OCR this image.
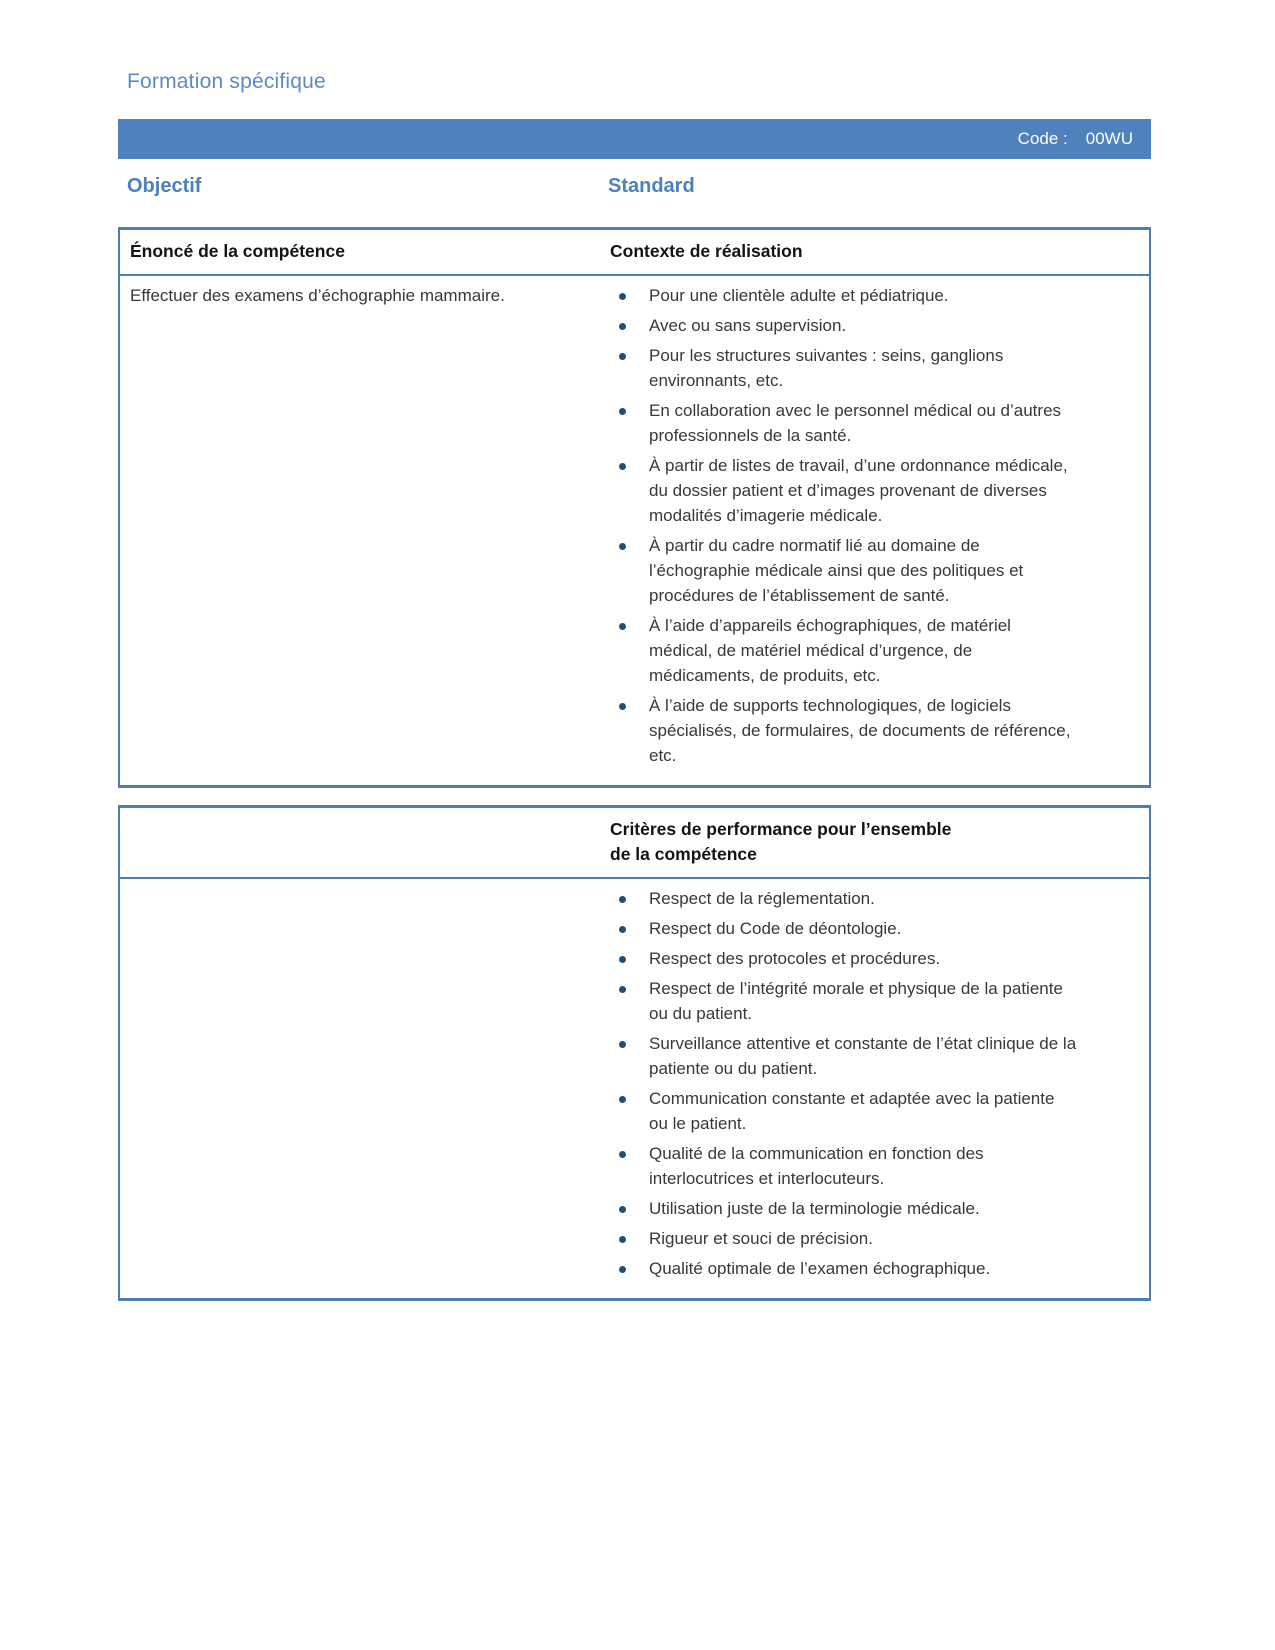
Formation spécifique
Code : 00WU
Objectif	Standard
Énoncé de la compétence	Contexte de réalisation
Effectuer des examens d’échographie mammaire.	Pour une clientèle adulte et pédiatrique.
Avec ou sans supervision.
Pour les structures suivantes : seins, ganglions environnants, etc.
En collaboration avec le personnel médical ou d’autres professionnels de la santé.
À partir de listes de travail, d’une ordonnance médicale, du dossier patient et d’images provenant de diverses modalités d’imagerie médicale.
À partir du cadre normatif lié au domaine de l’échographie médicale ainsi que des politiques et procédures de l’établissement de santé.
À l’aide d’appareils échographiques, de matériel médical, de matériel médical d’urgence, de médicaments, de produits, etc.
À l’aide de supports technologiques, de logiciels spécialisés, de formulaires, de documents de référence, etc.
Critères de performance pour l’ensemble
de la compétence
Respect de la réglementation.
Respect du Code de déontologie.
Respect des protocoles et procédures.
Respect de l’intégrité morale et physique de la patiente ou du patient.
Surveillance attentive et constante de l’état clinique de la patiente ou du patient.
Communication constante et adaptée avec la patiente ou le patient.
Qualité de la communication en fonction des interlocutrices et interlocuteurs.
Utilisation juste de la terminologie médicale.
Rigueur et souci de précision.
Qualité optimale de l’examen échographique.
